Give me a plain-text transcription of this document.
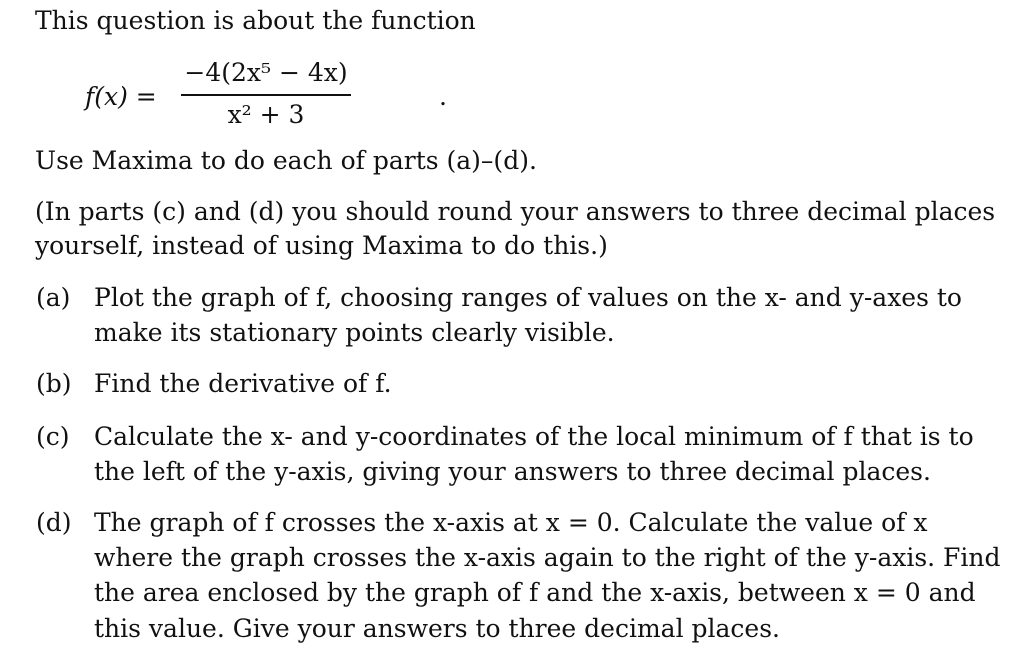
This question is about the function
f(x) =
−4(2x⁵ − 4x)
x² + 3
.
Use Maxima to do each of parts (a)–(d).
(In parts (c) and (d) you should round your answers to three decimal places
yourself, instead of using Maxima to do this.)
(a) Plot the graph of f, choosing ranges of values on the x- and y-axes to
make its stationary points clearly visible.
(b) Find the derivative of f.
(c) Calculate the x- and y-coordinates of the local minimum of f that is to
the left of the y-axis, giving your answers to three decimal places.
(d) The graph of f crosses the x-axis at x = 0. Calculate the value of x
where the graph crosses the x-axis again to the right of the y-axis. Find
the area enclosed by the graph of f and the x-axis, between x = 0 and
this value. Give your answers to three decimal places.
